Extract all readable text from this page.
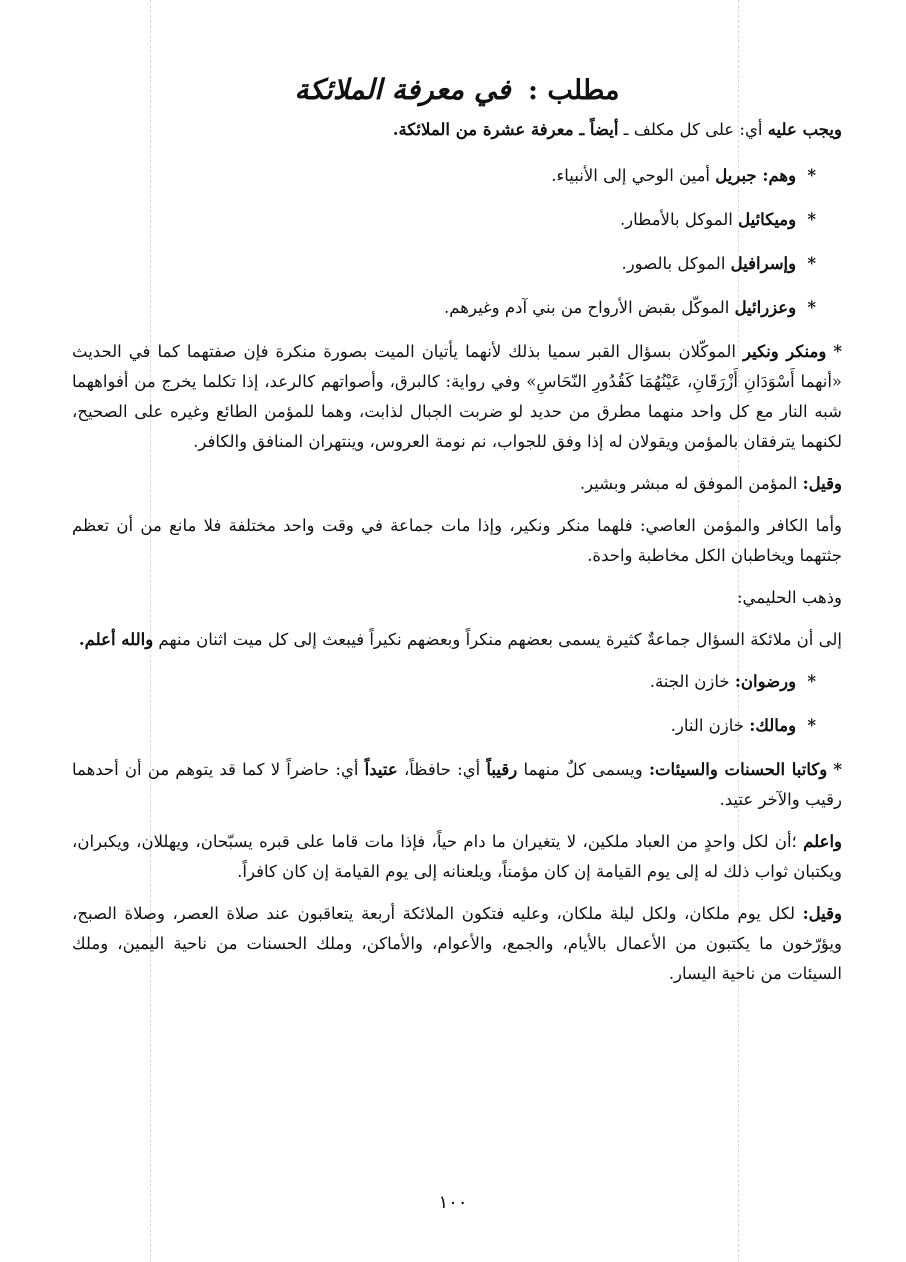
مطلب : في معرفة الملائكة

ويجب عليه أي: على كل مكلف ـ أيضاً ـ معرفة عشرة من الملائكة.

* وهم: جبريل أمين الوحي إلى الأنبياء.

* وميكائيل الموكل بالأمطار.

* وإسرافيل الموكل بالصور.

* وعزرائيل الموكّل بقبض الأرواح من بني آدم وغيرهم.

* ومنكر ونكير الموكّلان بسؤال القبر سميا بذلك لأنهما يأتيان الميت بصورة منكرة فإن صفتهما كما في الحديث «أنهما أَسْوَدَانِ أَزْرَقَانِ، عَيْنُهُمَا كَقُدُورِ النّحَاسِ» وفي رواية: كالبرق، وأصواتهم كالرعد، إذا تكلما يخرج من أفواههما شبه النار مع كل واحد منهما مطرق من حديد لو ضربت الجبال لذابت، وهما للمؤمن الطائع وغيره على الصحيح، لكنهما يترفقان بالمؤمن ويقولان له إذا وفق للجواب، نم نومة العروس، وينتهران المنافق والكافر.

وقيل: المؤمن الموفق له مبشر وبشير.

وأما الكافر والمؤمن العاصي: فلهما منكر ونكير، وإذا مات جماعة في وقت واحد مختلفة فلا مانع من أن تعظم جثتهما ويخاطبان الكل مخاطبة واحدة.

وذهب الحليمي:

إلى أن ملائكة السؤال جماعةٌ كثيرة يسمى بعضهم منكراً وبعضهم نكيراً فيبعث إلى كل ميت اثنان منهم والله أعلم.

* ورضوان: خازن الجنة.

* ومالك: خازن النار.

* وكاتبا الحسنات والسيئات: ويسمى كلٌ منهما رقيباً أي: حافظاً، عتيداً أي: حاضراً لا كما قد يتوهم من أن أحدهما رقيب والآخر عتيد.

واعلم ؛أن لكل واحدٍ من العباد ملكين، لا يتغيران ما دام حياً، فإذا مات قاما على قبره يسبّحان، ويهللان، ويكبران، ويكتبان ثواب ذلك له إلى يوم القيامة إن كان مؤمناً، ويلعنانه إلى يوم القيامة إن كان كافراً.

وقيل: لكل يوم ملكان، ولكل ليلة ملكان، وعليه فتكون الملائكة أربعة يتعاقبون عند صلاة العصر، وصلاة الصبح، ويؤرّخون ما يكتبون من الأعمال بالأيام، والجمع، والأعوام، والأماكن، وملك الحسنات من ناحية اليمين، وملك السيئات من ناحية اليسار.

١٠٠
